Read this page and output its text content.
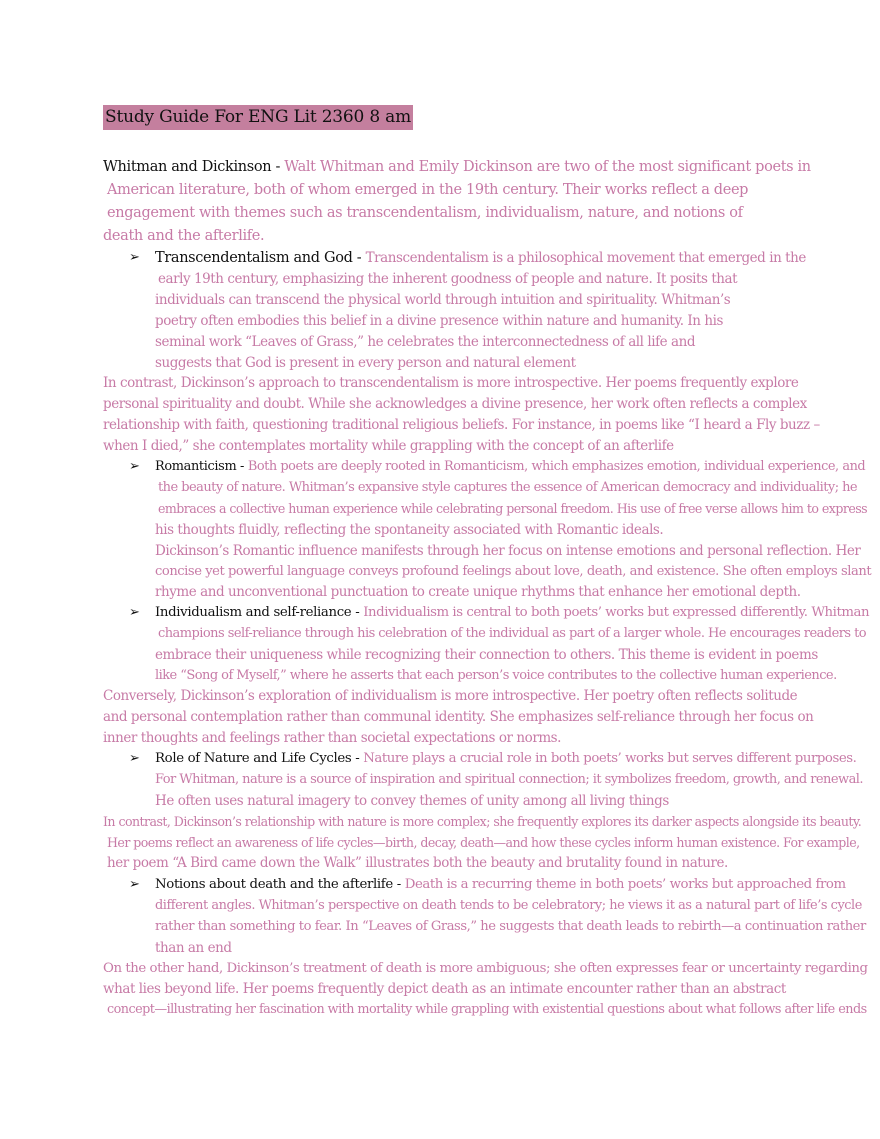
Study Guide For ENG Lit 2360 8 am
Whitman and Dickinson - Walt Whitman and Emily Dickinson are two of the most significant poets in
American literature, both of whom emerged in the 19th century. Their works reflect a deep
engagement with themes such as transcendentalism, individualism, nature, and notions of
death and the afterlife.
➢	Transcendentalism and God - Transcendentalism is a philosophical movement that emerged in the
early 19th century, emphasizing the inherent goodness of people and nature. It posits that
individuals can transcend the physical world through intuition and spirituality. Whitman’s
poetry often embodies this belief in a divine presence within nature and humanity. In his
seminal work “Leaves of Grass,” he celebrates the interconnectedness of all life and
suggests that God is present in every person and natural element
In contrast, Dickinson’s approach to transcendentalism is more introspective. Her poems frequently explore
personal spirituality and doubt. While she acknowledges a divine presence, her work often reflects a complex
relationship with faith, questioning traditional religious beliefs. For instance, in poems like “I heard a Fly buzz –
when I died,” she contemplates mortality while grappling with the concept of an afterlife
➢	Romanticism - Both poets are deeply rooted in Romanticism, which emphasizes emotion, individual experience, and
the beauty of nature. Whitman’s expansive style captures the essence of American democracy and individuality; he
embraces a collective human experience while celebrating personal freedom. His use of free verse allows him to express
his thoughts fluidly, reflecting the spontaneity associated with Romantic ideals.
Dickinson’s Romantic influence manifests through her focus on intense emotions and personal reflection. Her
concise yet powerful language conveys profound feelings about love, death, and existence. She often employs slant
rhyme and unconventional punctuation to create unique rhythms that enhance her emotional depth.
➢	Individualism and self-reliance - Individualism is central to both poets’ works but expressed differently. Whitman
champions self-reliance through his celebration of the individual as part of a larger whole. He encourages readers to
embrace their uniqueness while recognizing their connection to others. This theme is evident in poems
like “Song of Myself,” where he asserts that each person’s voice contributes to the collective human experience.
Conversely, Dickinson’s exploration of individualism is more introspective. Her poetry often reflects solitude
and personal contemplation rather than communal identity. She emphasizes self-reliance through her focus on
inner thoughts and feelings rather than societal expectations or norms.
➢	Role of Nature and Life Cycles - Nature plays a crucial role in both poets’ works but serves different purposes.
For Whitman, nature is a source of inspiration and spiritual connection; it symbolizes freedom, growth, and renewal.
He often uses natural imagery to convey themes of unity among all living things
In contrast, Dickinson’s relationship with nature is more complex; she frequently explores its darker aspects alongside its beauty.
Her poems reflect an awareness of life cycles—birth, decay, death—and how these cycles inform human existence. For example,
her poem “A Bird came down the Walk” illustrates both the beauty and brutality found in nature.
➢	Notions about death and the afterlife - Death is a recurring theme in both poets’ works but approached from
different angles. Whitman’s perspective on death tends to be celebratory; he views it as a natural part of life’s cycle
rather than something to fear. In “Leaves of Grass,” he suggests that death leads to rebirth—a continuation rather
than an end
On the other hand, Dickinson’s treatment of death is more ambiguous; she often expresses fear or uncertainty regarding
what lies beyond life. Her poems frequently depict death as an intimate encounter rather than an abstract
concept—illustrating her fascination with mortality while grappling with existential questions about what follows after life ends
